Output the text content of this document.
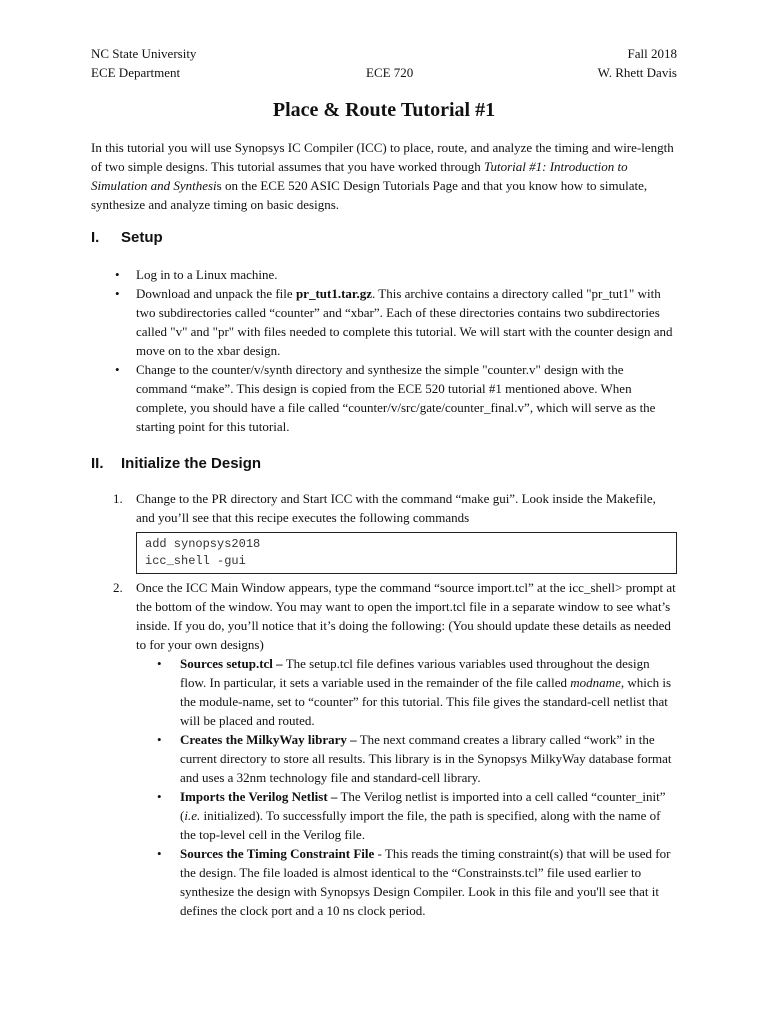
NC State University	Fall 2018
ECE Department	ECE 720	W. Rhett Davis
Place & Route Tutorial #1

In this tutorial you will use Synopsys IC Compiler (ICC) to place, route, and analyze the timing and wire-length of two simple designs. This tutorial assumes that you have worked through Tutorial #1: Introduction to Simulation and Synthesis on the ECE 520 ASIC Design Tutorials Page and that you know how to simulate, synthesize and analyze timing on basic designs.

I. Setup
• Log in to a Linux machine.
• Download and unpack the file pr_tut1.tar.gz. This archive contains a directory called "pr_tut1" with two subdirectories called “counter” and “xbar”. Each of these directories contains two subdirectories called "v" and "pr" with files needed to complete this tutorial. We will start with the counter design and move on to the xbar design.
• Change to the counter/v/synth directory and synthesize the simple "counter.v" design with the command “make”. This design is copied from the ECE 520 tutorial #1 mentioned above. When complete, you should have a file called “counter/v/src/gate/counter_final.v”, which will serve as the starting point for this tutorial.
II. Initialize the Design
1. Change to the PR directory and Start ICC with the command “make gui”. Look inside the Makefile, and you’ll see that this recipe executes the following commands
add synopsys2018
icc_shell -gui
2. Once the ICC Main Window appears, type the command “source import.tcl” at the icc_shell> prompt at the bottom of the window. You may want to open the import.tcl file in a separate window to see what’s inside. If you do, you’ll notice that it’s doing the following: (You should update these details as needed to for your own designs)
• Sources setup.tcl – The setup.tcl file defines various variables used throughout the design flow. In particular, it sets a variable used in the remainder of the file called modname, which is the module-name, set to “counter” for this tutorial. This file gives the standard-cell netlist that will be placed and routed.
• Creates the MilkyWay library – The next command creates a library called “work” in the current directory to store all results. This library is in the Synopsys MilkyWay database format and uses a 32nm technology file and standard-cell library.
• Imports the Verilog Netlist – The Verilog netlist is imported into a cell called “counter_init” (i.e. initialized). To successfully import the file, the path is specified, along with the name of the top-level cell in the Verilog file.
• Sources the Timing Constraint File - This reads the timing constraint(s) that will be used for the design. The file loaded is almost identical to the “Constrainsts.tcl” file used earlier to synthesize the design with Synopsys Design Compiler. Look in this file and you'll see that it defines the clock port and a 10 ns clock period.
